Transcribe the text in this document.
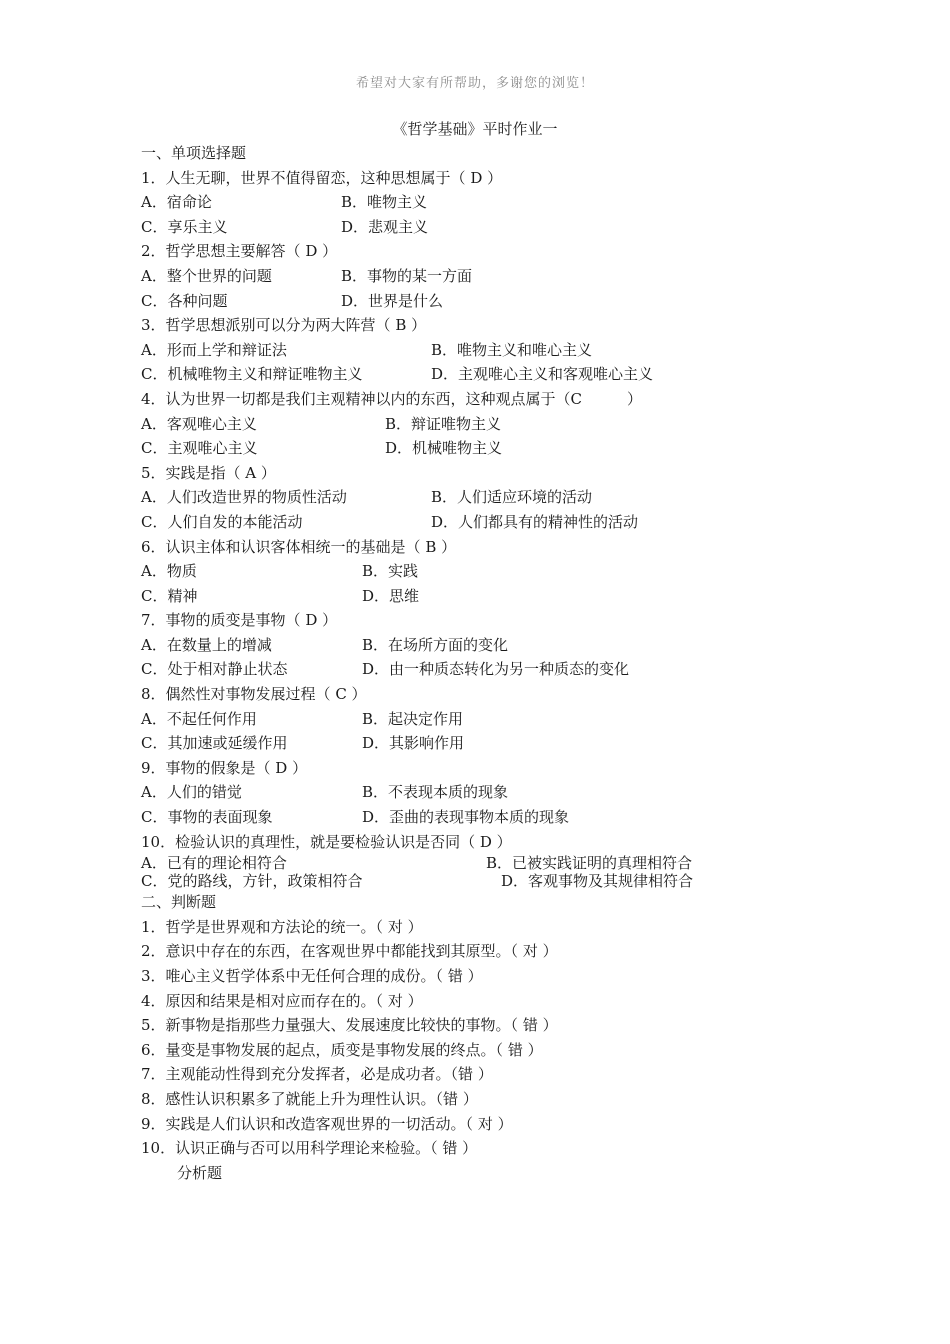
希望对大家有所帮助，多谢您的浏览！
《哲学基础》平时作业一
一、单项选择题
1．人生无聊，世界不值得留恋，这种思想属于（ D ）
A．宿命论	B．唯物主义
C．享乐主义	D．悲观主义
2．哲学思想主要解答（ D ）
A．整个世界的问题	B．事物的某一方面
C．各种问题	D．世界是什么
3．哲学思想派别可以分为两大阵营（ B ）
A．形而上学和辩证法	B．唯物主义和唯心主义
C．机械唯物主义和辩证唯物主义	D．主观唯心主义和客观唯心主义
4．认为世界一切都是我们主观精神以内的东西，这种观点属于（C　　　）
A．客观唯心主义	B．辩证唯物主义
C．主观唯心主义	D．机械唯物主义
5．实践是指（ A ）
A．人们改造世界的物质性活动	B．人们适应环境的活动
C．人们自发的本能活动	D．人们都具有的精神性的活动
6．认识主体和认识客体相统一的基础是（ B ）
A．物质	B．实践
C．精神	D．思维
7．事物的质变是事物（ D ）
A．在数量上的增减	B．在场所方面的变化
C．处于相对静止状态	D．由一种质态转化为另一种质态的变化
8．偶然性对事物发展过程（ C ）
A．不起任何作用	B．起决定作用
C．其加速或延缓作用	D．其影响作用
9．事物的假象是（ D ）
A．人们的错觉	B．不表现本质的现象
C．事物的表面现象	D．歪曲的表现事物本质的现象
10．检验认识的真理性，就是要检验认识是否同（ D ）
A．已有的理论相符合	B．已被实践证明的真理相符合
C．党的路线，方针，政策相符合	D．客观事物及其规律相符合
二、判断题
1．哲学是世界观和方法论的统一。（ 对 ）
2．意识中存在的东西，在客观世界中都能找到其原型。（ 对 ）
3．唯心主义哲学体系中无任何合理的成份。（ 错 ）
4．原因和结果是相对应而存在的。（ 对 ）
5．新事物是指那些力量强大、发展速度比较快的事物。（ 错 ）
6．量变是事物发展的起点，质变是事物发展的终点。（ 错 ）
7．主观能动性得到充分发挥者，必是成功者。（错 ）
8．感性认识积累多了就能上升为理性认识。（错 ）
9．实践是人们认识和改造客观世界的一切活动。（ 对 ）
10．认识正确与否可以用科学理论来检验。（ 错 ）
分析题
